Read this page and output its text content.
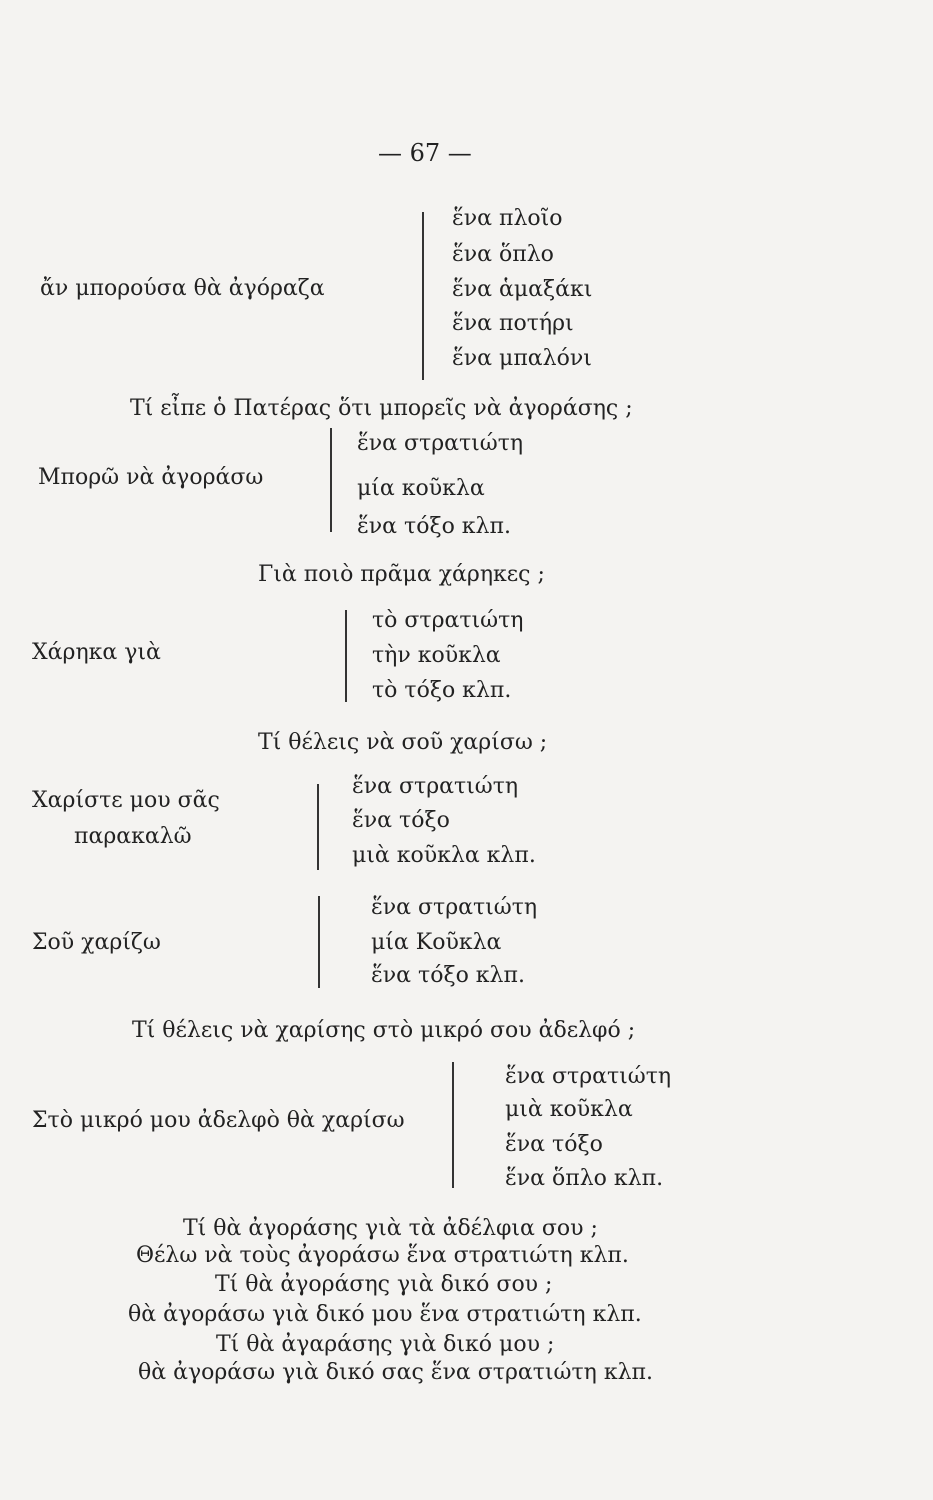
— 67 —
ἄν μπορούσα θὰ ἀγόραζα
ἕνα πλοῖο
ἕνα ὅπλο
ἕνα ἁμαξάκι
ἕνα ποτήρι
ἕνα μπαλόνι
Τί εἶπε ὁ Πατέρας ὅτι μπορεῖς νὰ ἀγοράσης ;
Μπορῶ νὰ ἀγοράσω
ἕνα στρατιώτη
μία κοῦκλα
ἕνα τόξο κλπ.
Γιὰ ποιὸ πρᾶμα χάρηκες ;
Χάρηκα γιὰ
τὸ στρατιώτη
τὴν κοῦκλα
τὸ τόξο κλπ.
Τί θέλεις νὰ σοῦ χαρίσω ;
Χαρίστε μου σᾶς
παρακαλῶ
ἕνα στρατιώτη
ἕνα τόξο
μιὰ κοῦκλα κλπ.
Σοῦ χαρίζω
ἕνα στρατιώτη
μία Κοῦκλα
ἕνα τόξο κλπ.
Τί θέλεις νὰ χαρίσης στὸ μικρό σου ἀδελφό ;
Στὸ μικρό μου ἀδελφὸ θὰ χαρίσω
ἕνα στρατιώτη
μιὰ κοῦκλα
ἕνα τόξο
ἕνα ὅπλο κλπ.
Τί θὰ ἀγοράσης γιὰ τὰ ἀδέλφια σου ;
Θέλω νὰ τοὺς ἀγοράσω ἕνα στρατιώτη κλπ.
Τί θὰ ἀγοράσης γιὰ δικό σου ;
θὰ ἀγοράσω γιὰ δικό μου ἕνα στρατιώτη κλπ.
Τί θὰ ἀγαράσης γιὰ δικό μου ;
θὰ ἀγοράσω γιὰ δικό σας ἕνα στρατιώτη κλπ.
